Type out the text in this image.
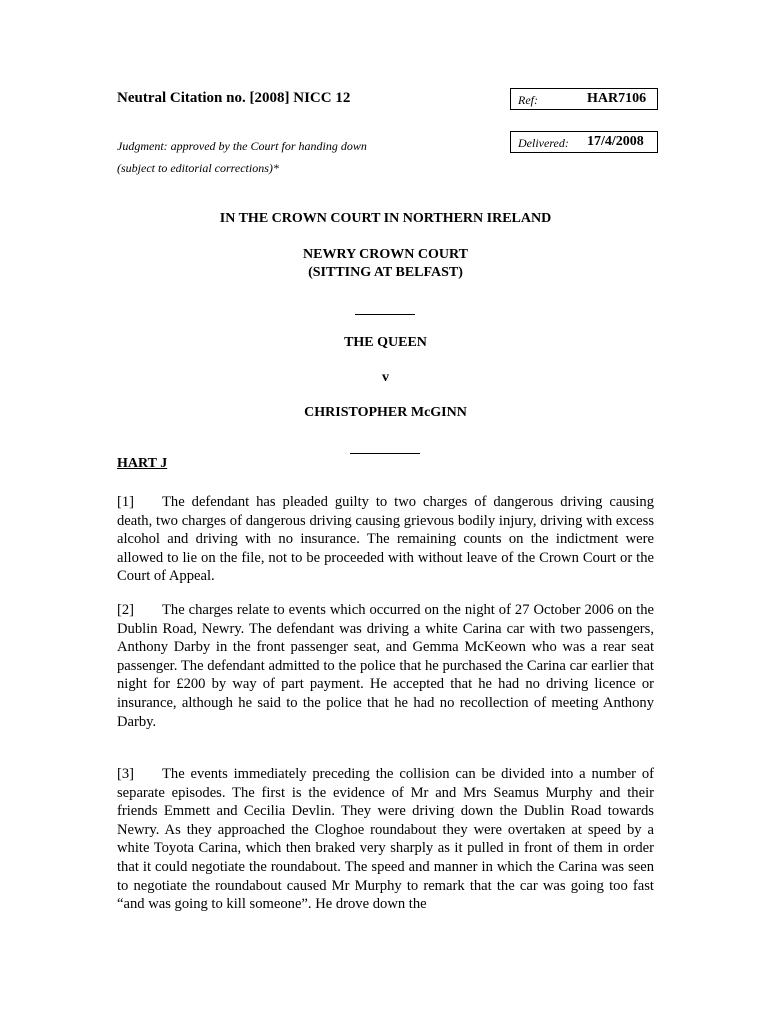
Neutral Citation no. [2008] NICC 12
Judgment: approved by the Court for handing down
(subject to editorial corrections)*
Ref:	HAR7106
Delivered: 17/4/2008
IN THE CROWN COURT IN NORTHERN IRELAND
NEWRY CROWN COURT
(SITTING AT BELFAST)
THE QUEEN
v
CHRISTOPHER McGINN
HART J

[1] The defendant has pleaded guilty to two charges of dangerous driving causing death, two charges of dangerous driving causing grievous bodily injury, driving with excess alcohol and driving with no insurance. The remaining counts on the indictment were allowed to lie on the file, not to be proceeded with without leave of the Crown Court or the Court of Appeal.

[2] The charges relate to events which occurred on the night of 27 October 2006 on the Dublin Road, Newry. The defendant was driving a white Carina car with two passengers, Anthony Darby in the front passenger seat, and Gemma McKeown who was a rear seat passenger. The defendant admitted to the police that he purchased the Carina car earlier that night for £200 by way of part payment. He accepted that he had no driving licence or insurance, although he said to the police that he had no recollection of meeting Anthony Darby.

[3] The events immediately preceding the collision can be divided into a number of separate episodes. The first is the evidence of Mr and Mrs Seamus Murphy and their friends Emmett and Cecilia Devlin. They were driving down the Dublin Road towards Newry. As they approached the Cloghoe roundabout they were overtaken at speed by a white Toyota Carina, which then braked very sharply as it pulled in front of them in order that it could negotiate the roundabout. The speed and manner in which the Carina was seen to negotiate the roundabout caused Mr Murphy to remark that the car was going too fast “and was going to kill someone”. He drove down the
